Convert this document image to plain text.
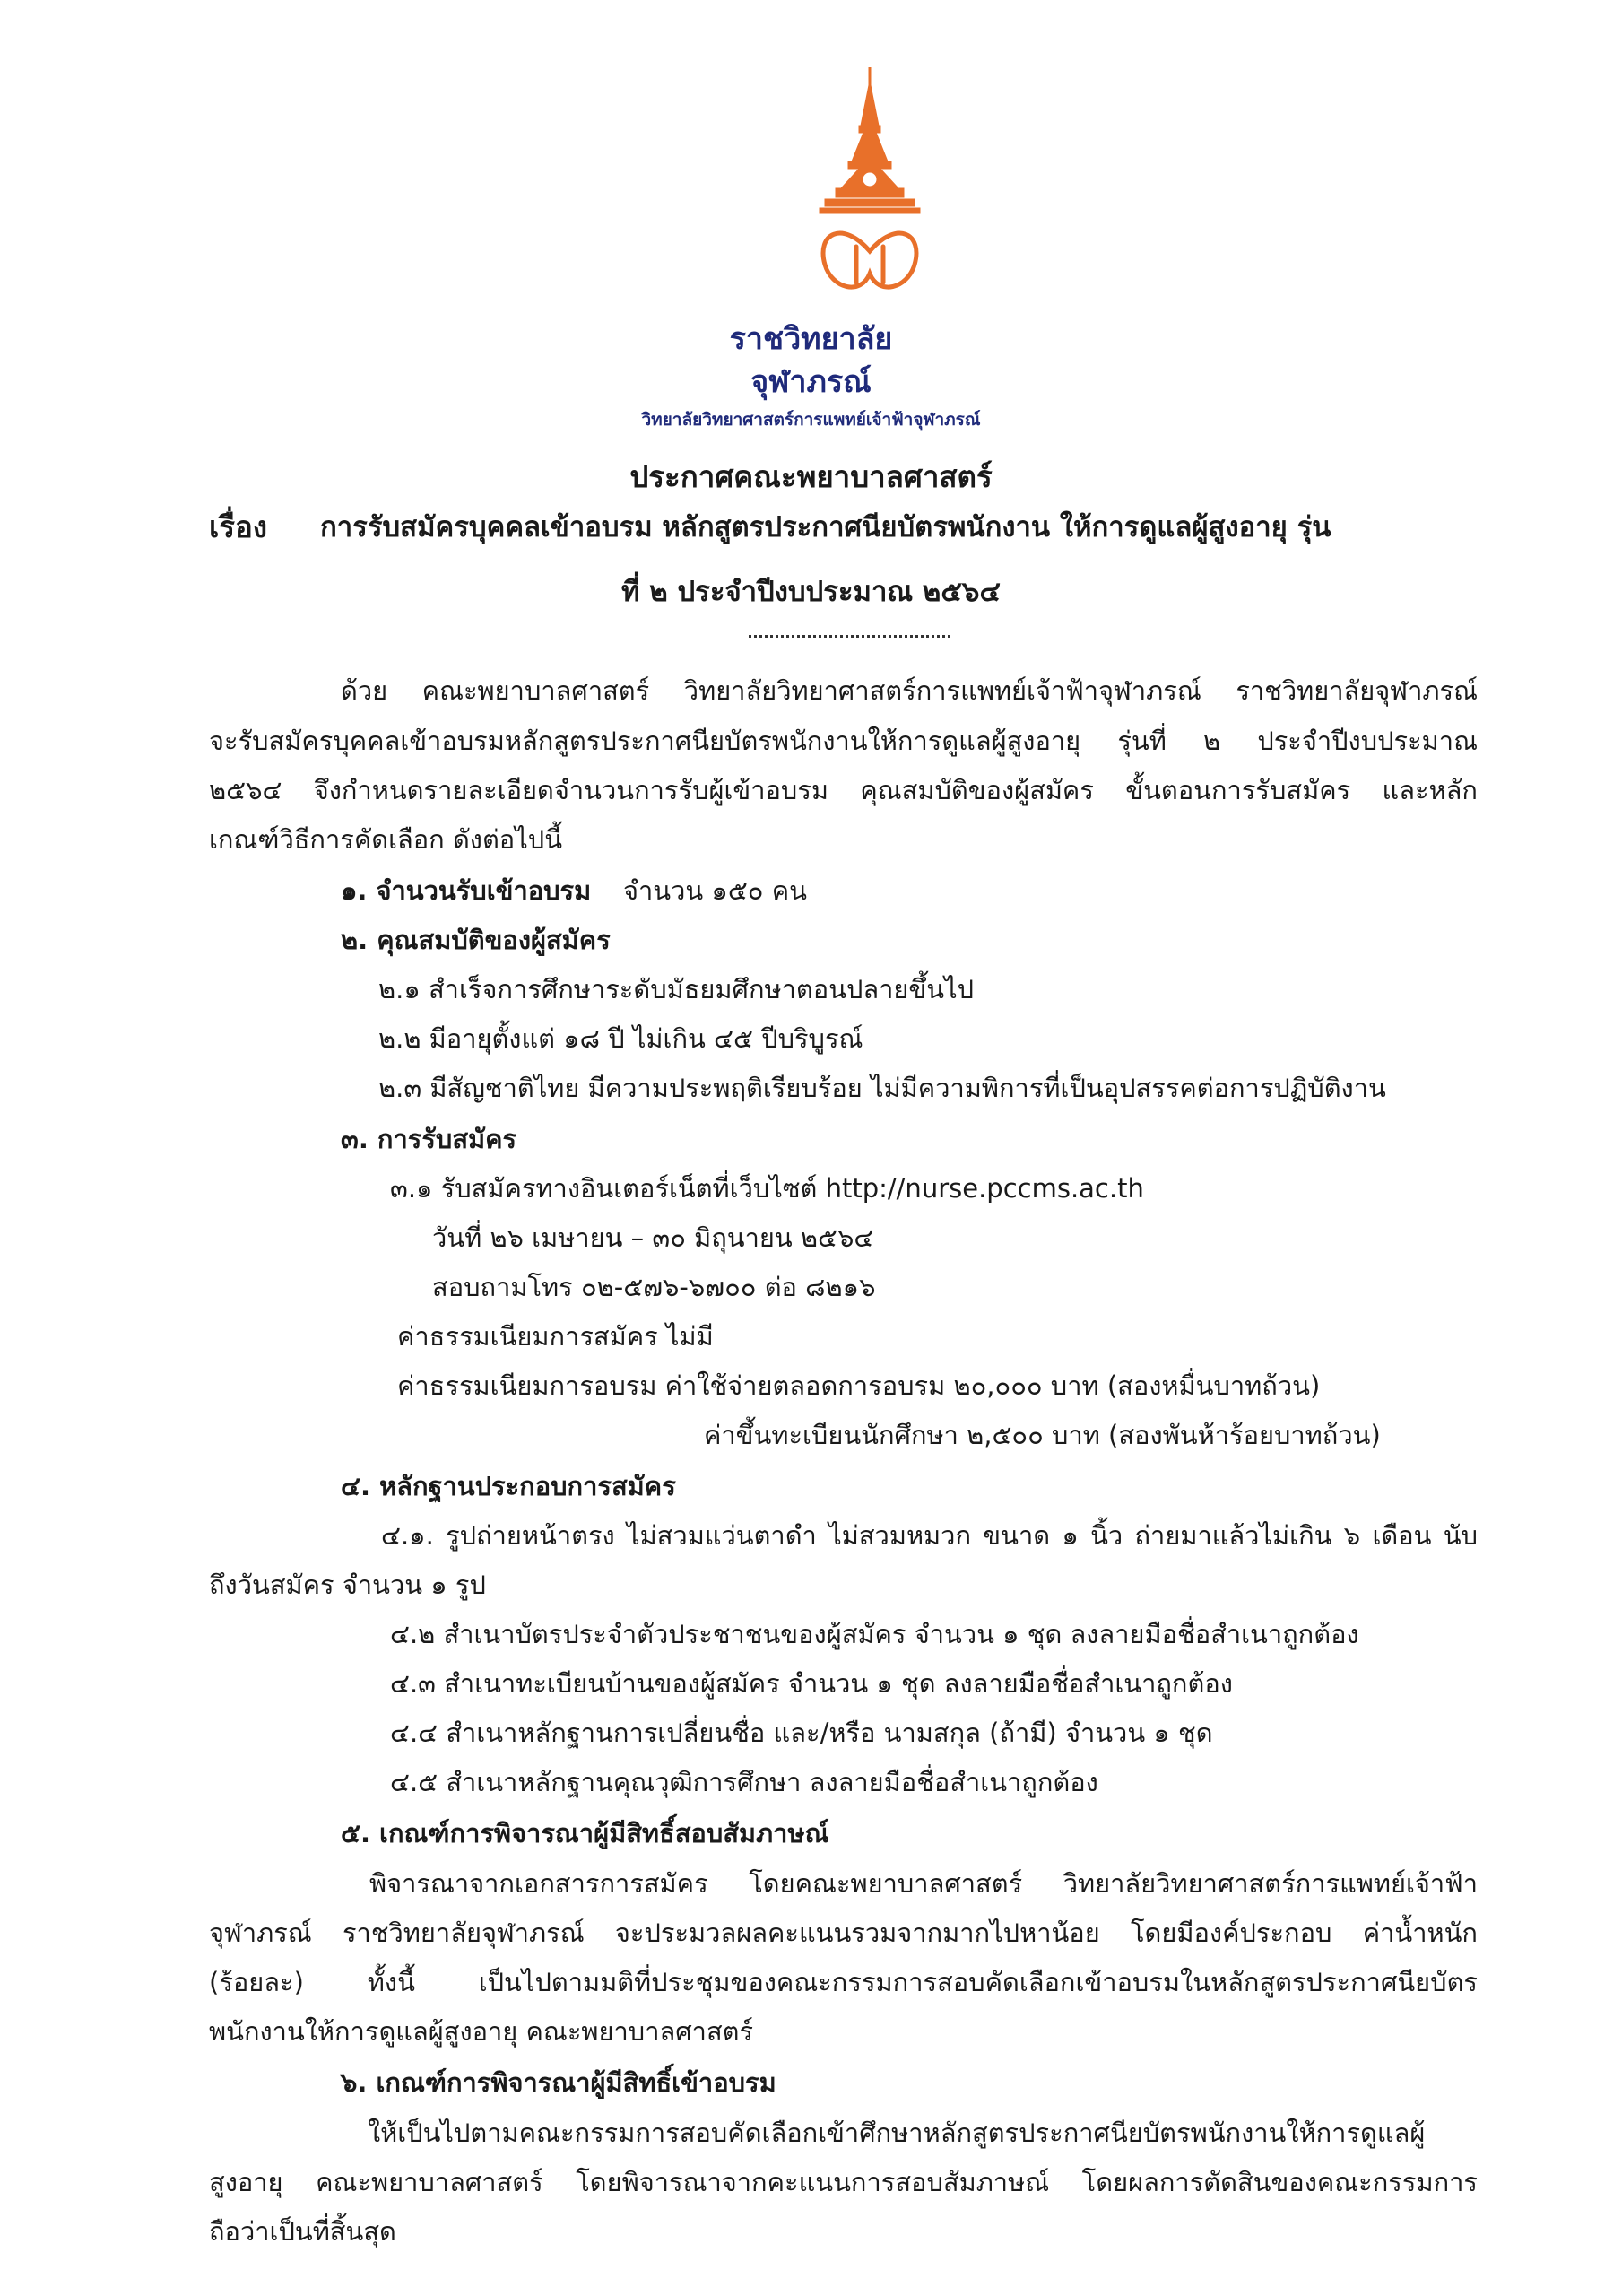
ราชวิทยาลัย
จุฬาภรณ์
วิทยาลัยวิทยาศาสตร์การแพทย์เจ้าฟ้าจุฬาภรณ์
ประกาศคณะพยาบาลศาสตร์
เรื่อง การรับสมัครบุคคลเข้าอบรม หลักสูตรประกาศนียบัตรพนักงาน ให้การดูแลผู้สูงอายุ รุ่น
ที่ ๒ ประจำปีงบประมาณ ๒๕๖๔
ด้วย คณะพยาบาลศาสตร์ วิทยาลัยวิทยาศาสตร์การแพทย์เจ้าฟ้าจุฬาภรณ์ ราชวิทยาลัยจุฬาภรณ์
จะรับสมัครบุคคลเข้าอบรมหลักสูตรประกาศนียบัตรพนักงานให้การดูแลผู้สูงอายุ รุ่นที่ ๒ ประจำปีงบประมาณ
๒๕๖๔ จึงกำหนดรายละเอียดจำนวนการรับผู้เข้าอบรม คุณสมบัติของผู้สมัคร ขั้นตอนการรับสมัคร และหลัก
เกณฑ์วิธีการคัดเลือก ดังต่อไปนี้
๑. จำนวนรับเข้าอบรม จำนวน ๑๕๐ คน
๒. คุณสมบัติของผู้สมัคร
๒.๑ สำเร็จการศึกษาระดับมัธยมศึกษาตอนปลายขึ้นไป
๒.๒ มีอายุตั้งแต่ ๑๘ ปี ไม่เกิน ๔๕ ปีบริบูรณ์
๒.๓ มีสัญชาติไทย มีความประพฤติเรียบร้อย ไม่มีความพิการที่เป็นอุปสรรคต่อการปฏิบัติงาน
๓. การรับสมัคร
๓.๑ รับสมัครทางอินเตอร์เน็ตที่เว็บไซต์ http://nurse.pccms.ac.th
วันที่ ๒๖ เมษายน – ๓๐ มิถุนายน ๒๕๖๔
สอบถามโทร ๐๒-๕๗๖-๖๗๐๐ ต่อ ๘๒๑๖
ค่าธรรมเนียมการสมัคร ไม่มี
ค่าธรรมเนียมการอบรม ค่าใช้จ่ายตลอดการอบรม ๒๐,๐๐๐ บาท (สองหมื่นบาทถ้วน)
ค่าขึ้นทะเบียนนักศึกษา ๒,๕๐๐ บาท (สองพันห้าร้อยบาทถ้วน)
๔. หลักฐานประกอบการสมัคร
๔.๑. รูปถ่ายหน้าตรง ไม่สวมแว่นตาดำ ไม่สวมหมวก ขนาด ๑ นิ้ว ถ่ายมาแล้วไม่เกิน ๖ เดือน นับ
ถึงวันสมัคร จำนวน ๑ รูป
๔.๒ สำเนาบัตรประจำตัวประชาชนของผู้สมัคร จำนวน ๑ ชุด ลงลายมือชื่อสำเนาถูกต้อง
๔.๓ สำเนาทะเบียนบ้านของผู้สมัคร จำนวน ๑ ชุด ลงลายมือชื่อสำเนาถูกต้อง
๔.๔ สำเนาหลักฐานการเปลี่ยนชื่อ และ/หรือ นามสกุล (ถ้ามี) จำนวน ๑ ชุด
๔.๕ สำเนาหลักฐานคุณวุฒิการศึกษา ลงลายมือชื่อสำเนาถูกต้อง
๕. เกณฑ์การพิจารณาผู้มีสิทธิ์สอบสัมภาษณ์
พิจารณาจากเอกสารการสมัคร โดยคณะพยาบาลศาสตร์ วิทยาลัยวิทยาศาสตร์การแพทย์เจ้าฟ้า
จุฬาภรณ์ ราชวิทยาลัยจุฬาภรณ์ จะประมวลผลคะแนนรวมจากมากไปหาน้อย โดยมีองค์ประกอบ ค่าน้ำหนัก
(ร้อยละ) ทั้งนี้ เป็นไปตามมติที่ประชุมของคณะกรรมการสอบคัดเลือกเข้าอบรมในหลักสูตรประกาศนียบัตร
พนักงานให้การดูแลผู้สูงอายุ คณะพยาบาลศาสตร์
๖. เกณฑ์การพิจารณาผู้มีสิทธิ์เข้าอบรม
ให้เป็นไปตามคณะกรรมการสอบคัดเลือกเข้าศึกษาหลักสูตรประกาศนียบัตรพนักงานให้การดูแลผู้
สูงอายุ คณะพยาบาลศาสตร์ โดยพิจารณาจากคะแนนการสอบสัมภาษณ์ โดยผลการตัดสินของคณะกรรมการ
ถือว่าเป็นที่สิ้นสุด
